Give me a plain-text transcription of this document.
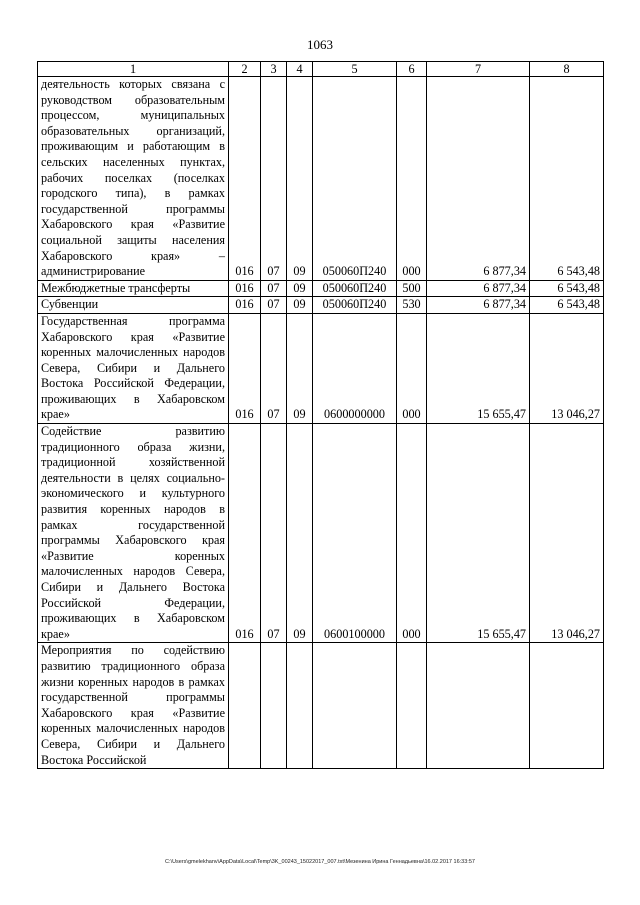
1063
1	2	3	4	5	6	7	8
деятельность которых связана с руководством образовательным процессом, муниципальных образовательных организаций, проживающим и работающим в сельских населенных пунктах, рабочих поселках (поселках городского типа), в рамках государственной программы Хабаровского края «Развитие социальной защиты населения Хабаровского края» – администрирование	016	07	09	050060П240	000	6 877,34	6 543,48
Межбюджетные трансферты	016	07	09	050060П240	500	6 877,34	6 543,48
Субвенции	016	07	09	050060П240	530	6 877,34	6 543,48
Государственная программа Хабаровского края «Развитие коренных малочисленных народов Севера, Сибири и Дальнего Востока Российской Федерации, проживающих в Хабаровском крае»	016	07	09	0600000000	000	15 655,47	13 046,27
Содействие развитию традиционного образа жизни, традиционной хозяйственной деятельности в целях социально-экономического и культурного развития коренных народов в рамках государственной программы Хабаровского края «Развитие коренных малочисленных народов Севера, Сибири и Дальнего Востока Российской Федерации, проживающих в Хабаровском крае»	016	07	09	0600100000	000	15 655,47	13 046,27
Мероприятия по содействию развитию традиционного образа жизни коренных народов в рамках государственной программы Хабаровского края «Развитие коренных малочисленных народов Севера, Сибири и Дальнего Востока Российской							
C:\Users\gmelekhanv\AppData\Local\Temp\3K_00243_15022017_007.txt\Мезенина Ирина Геннадьевна\16.02.2017 16:33:57
